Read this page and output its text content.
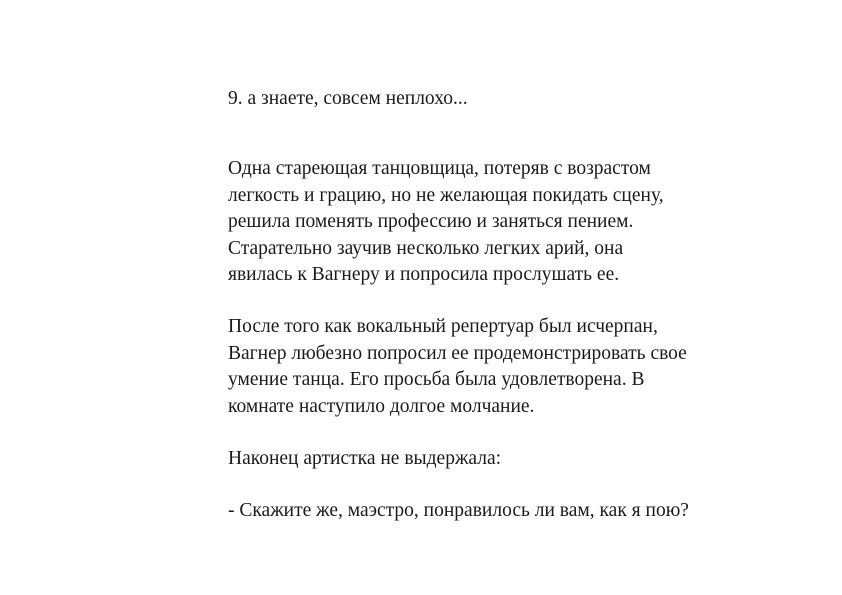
9. а знаете, совсем неплохо...

Одна стареющая танцовщица, потеряв с возрастом
легкость и грацию, но не желающая покидать сцену,
решила поменять профессию и заняться пением.
Старательно заучив несколько легких арий, она
явилась к Вагнеру и попросила прослушать ее.

После того как вокальный репертуар был исчерпан,
Вагнер любезно попросил ее продемонстрировать свое
умение танца. Его просьба была удовлетворена. В
комнате наступило долгое молчание.

Наконец артистка не выдержала:

- Скажите же, маэстро, понравилось ли вам, как я пою?
